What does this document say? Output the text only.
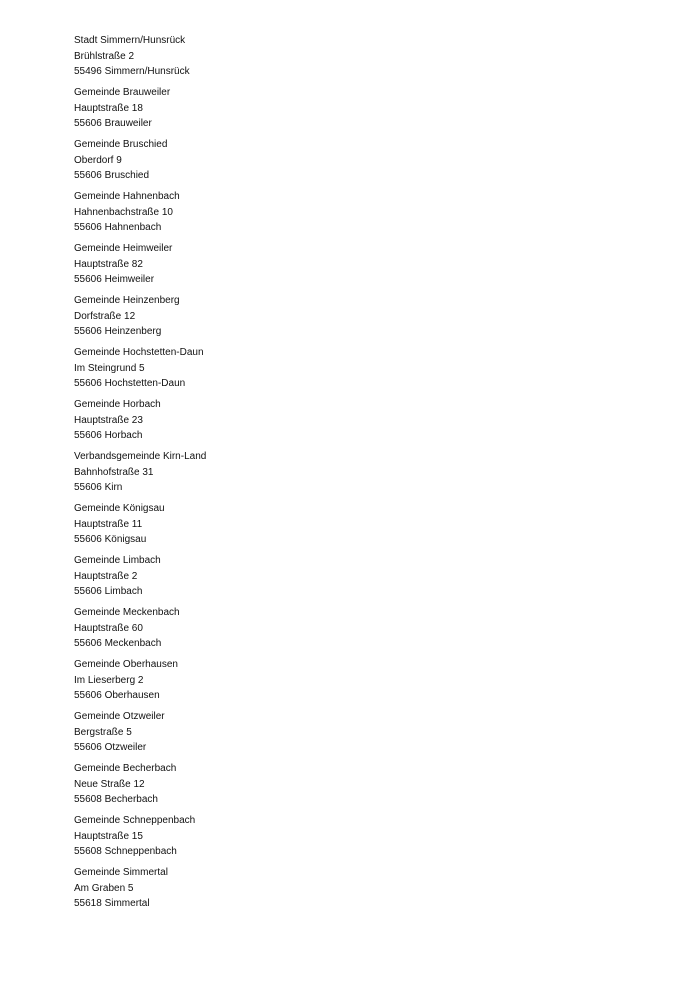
Stadt Simmern/Hunsrück
Brühlstraße 2
55496 Simmern/Hunsrück
Gemeinde Brauweiler
Hauptstraße 18
55606 Brauweiler
Gemeinde Bruschied
Oberdorf 9
55606 Bruschied
Gemeinde Hahnenbach
Hahnenbachstraße 10
55606 Hahnenbach
Gemeinde Heimweiler
Hauptstraße 82
55606 Heimweiler
Gemeinde Heinzenberg
Dorfstraße 12
55606 Heinzenberg
Gemeinde Hochstetten-Daun
Im Steingrund 5
55606 Hochstetten-Daun
Gemeinde Horbach
Hauptstraße 23
55606 Horbach
Verbandsgemeinde Kirn-Land
Bahnhofstraße 31
55606 Kirn
Gemeinde Königsau
Hauptstraße 11
55606 Königsau
Gemeinde Limbach
Hauptstraße 2
55606 Limbach
Gemeinde Meckenbach
Hauptstraße 60
55606 Meckenbach
Gemeinde Oberhausen
Im Lieserberg 2
55606 Oberhausen
Gemeinde Otzweiler
Bergstraße 5
55606 Otzweiler
Gemeinde Becherbach
Neue Straße 12
55608 Becherbach
Gemeinde Schneppenbach
Hauptstraße 15
55608 Schneppenbach
Gemeinde Simmertal
Am Graben 5
55618 Simmertal
